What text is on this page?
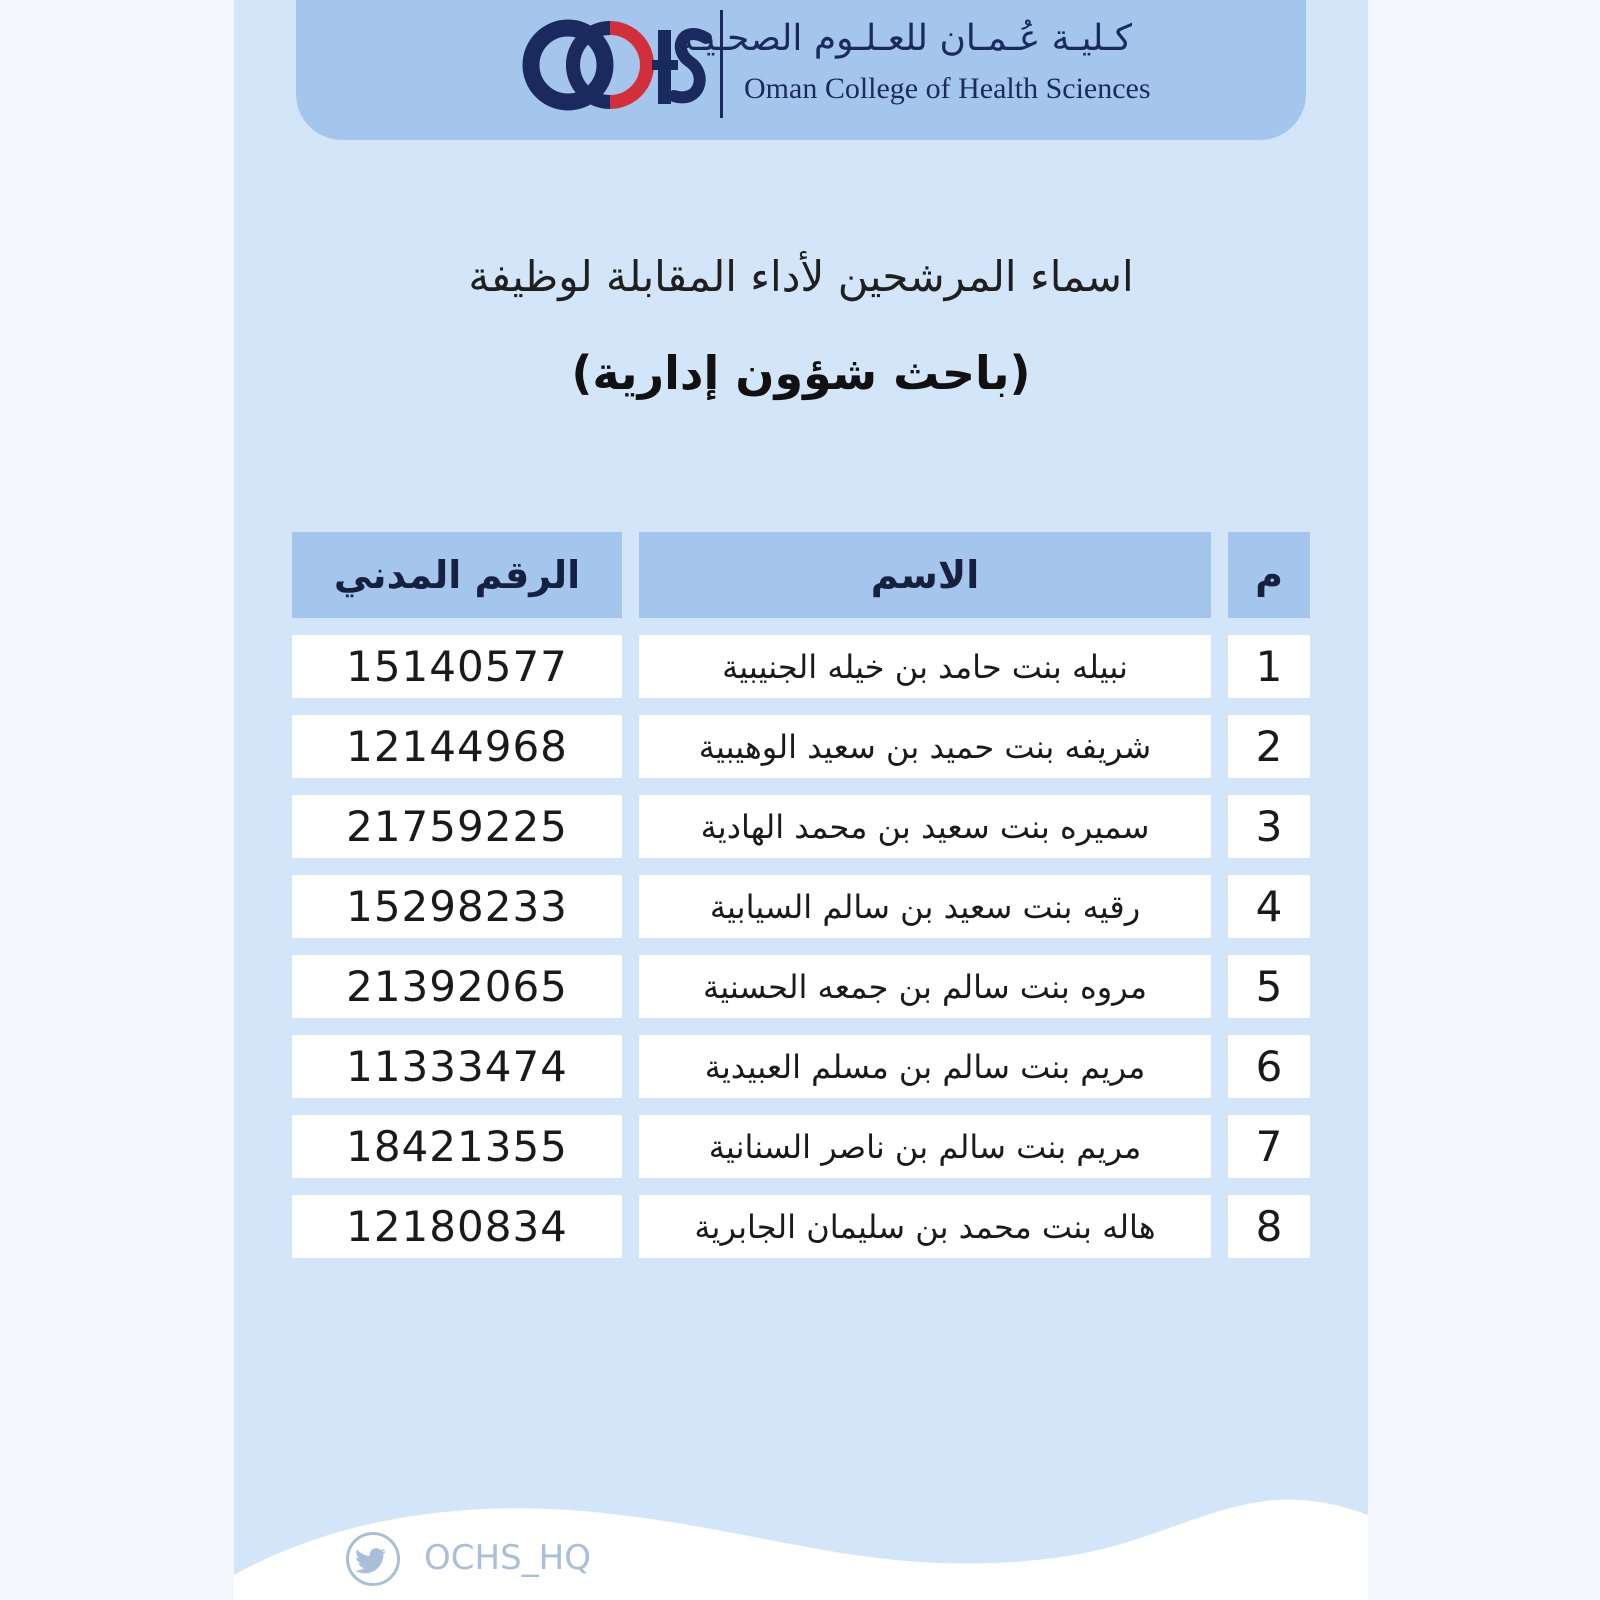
كـليـة عُـمـان للعـلـوم الصحـيـة
Oman College of Health Sciences
اسماء المرشحين لأداء المقابلة لوظيفة
(باحث شؤون إدارية)
الرقم المدني	الاسم	م
15140577	نبيله بنت حامد بن خيله الجنيبية	1
12144968	شريفه بنت حميد بن سعيد الوهيبية	2
21759225	سميره بنت سعيد بن محمد الهادية	3
15298233	رقيه بنت سعيد بن سالم السيابية	4
21392065	مروه بنت سالم بن جمعه الحسنية	5
11333474	مريم بنت سالم بن مسلم العبيدية	6
18421355	مريم بنت سالم بن ناصر السنانية	7
12180834	هاله بنت محمد بن سليمان الجابرية	8
OCHS_HQ
